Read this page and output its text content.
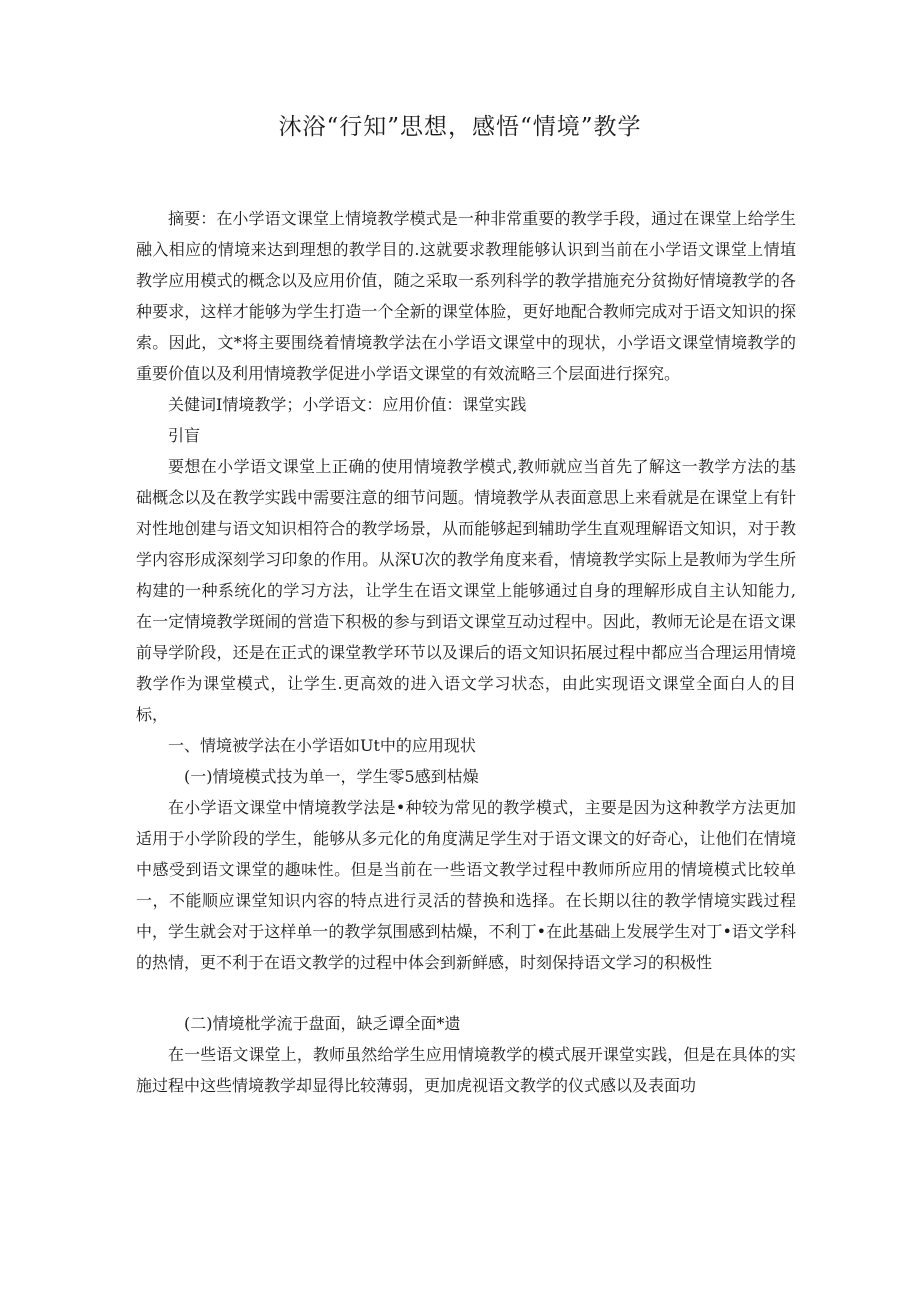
沐浴“行知”思想，感悟“情境”教学

摘要：在小学语文课堂上情境教学模式是一种非常重要的教学手段，通过在课堂上给学生融入相应的情境来达到理想的教学目的.这就要求教理能够认识到当前在小学语文课堂上情埴教学应用模式的概念以及应用价值，随之采取一系列科学的教学措施充分贫拗好情境教学的各种要求，这样才能够为学生打造一个全新的课堂体脸，更好地配合教师完成对于语文知识的探索。因此，文*将主要围绕着情境教学法在小学语文课堂中的现状，小学语文课堂情境教学的重要价值以及利用情境教学促进小学语文课堂的有效流略三个层面进行探究。

关健词I情境教学；小学语文：应用价值：课堂实践

引盲

要想在小学语文课堂上正确的使用情境教学模式,教师就应当首先了解这一教学方法的基础概念以及在教学实践中需要注意的细节问题。情境教学从表面意思上来看就是在课堂上有针对性地创建与语文知识相符合的教学场景，从而能够起到辅助学生直观理解语文知识，对于教学内容形成深刻学习印象的作用。从深U次的教学角度来看，情境教学实际上是教师为学生所构建的一种系统化的学习方法，让学生在语文课堂上能够通过自身的理解形成自主认知能力,在一定情境教学斑闹的営造下积极的参与到语文课堂互动过程中。因此，教师无论是在语文课前导学阶段，还是在正式的课堂教学环节以及课后的语文知识拓展过程中都应当合理运用情境教学作为课堂模式，让学生.更高效的进入语文学习状态，由此实现语文课堂全面白人的目标，

一、情境被学法在小学语如Ut中的应用现状

(一)情境模式技为单一，学生零5感到枯燥

在小学语文课堂中情境教学法是•种较为常见的教学模式，主要是因为这种教学方法更加适用于小学阶段的学生，能够从多元化的角度满足学生对于语文课文的好奇心，让他们在情境中感受到语文课堂的趣味性。但是当前在一些语文教学过程中教师所应用的情境模式比较单一，不能顺应课堂知识内容的特点进行灵活的替换和选择。在长期以往的教学情境实践过程中，学生就会对于这样单一的教学氛围感到枯燥，不利丁•在此基础上发展学生对丁•语文学科的热情，更不利于在语文教学的过程中体会到新鲜感，时刻保持语文学习的积极性

(二)情境枇学流于盘面，缺乏谭全面*遗

在一些语文课堂上，教师虽然给学生应用情境教学的模式展开课堂实践，但是在具体的实施过程中这些情境教学却显得比较薄弱，更加虎视语文教学的仪式感以及表面功
